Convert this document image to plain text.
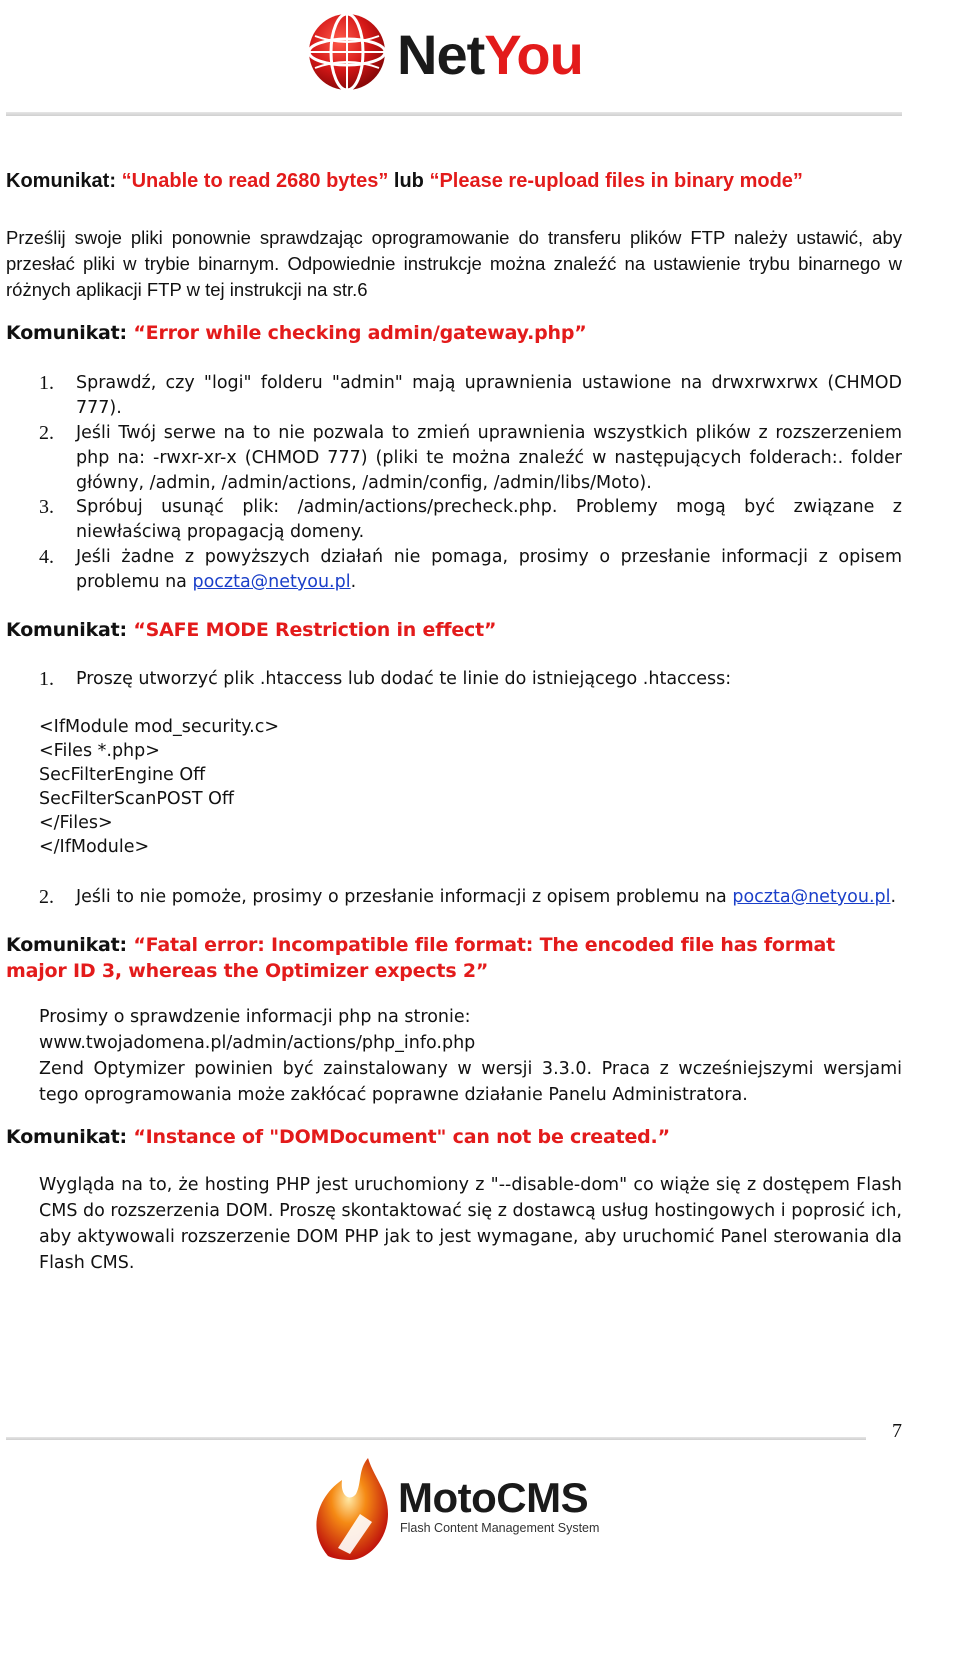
NetYou
Komunikat: “Unable to read 2680 bytes” lub “Please re-upload files in binary mode”
Prześlij swoje pliki ponownie sprawdzając oprogramowanie do transferu plików FTP należy ustawić, aby przesłać pliki w trybie binarnym. Odpowiednie instrukcje można znaleźć na ustawienie trybu binarnego w różnych aplikacji FTP w tej instrukcji na str.6
Komunikat: “Error while checking admin/gateway.php”
1.	Sprawdź, czy "logi" folderu "admin" mają uprawnienia ustawione na drwxrwxrwx (CHMOD 777).
2.	Jeśli Twój serwe na to nie pozwala to zmień uprawnienia wszystkich plików z rozszerzeniem php na: -rwxr-xr-x (CHMOD 777) (pliki te można znaleźć w następujących folderach:. folder główny, /admin, /admin/actions, /admin/config, /admin/libs/Moto).
3.	Spróbuj usunąć plik: /admin/actions/precheck.php. Problemy mogą być związane z niewłaściwą propagacją domeny.
4.	Jeśli żadne z powyższych działań nie pomaga, prosimy o przesłanie informacji z opisem problemu na poczta@netyou.pl.
Komunikat: “SAFE MODE Restriction in effect”
1.	Proszę utworzyć plik .htaccess lub dodać te linie do istniejącego .htaccess:
<IfModule mod_security.c>
<Files *.php>
SecFilterEngine Off
SecFilterScanPOST Off
</Files>
</IfModule>
2.	Jeśli to nie pomoże, prosimy o przesłanie informacji z opisem problemu na poczta@netyou.pl.
Komunikat: “Fatal error: Incompatible file format: The encoded file has format major ID 3, whereas the Optimizer expects 2”
Prosimy o sprawdzenie informacji php na stronie:
www.twojadomena.pl/admin/actions/php_info.php
Zend Optymizer powinien być zainstalowany w wersji 3.3.0. Praca z wcześniejszymi wersjami tego oprogramowania może zakłócać poprawne działanie Panelu Administratora.
Komunikat: “Instance of "DOMDocument" can not be created.”
Wygląda na to, że hosting PHP jest uruchomiony z "--disable-dom" co wiąże się z dostępem Flash CMS do rozszerzenia DOM. Proszę skontaktować się z dostawcą usług hostingowych i poprosić ich, aby aktywowali rozszerzenie DOM PHP jak to jest wymagane, aby uruchomić Panel sterowania dla Flash CMS.
7
MotoCMS
Flash Content Management System
